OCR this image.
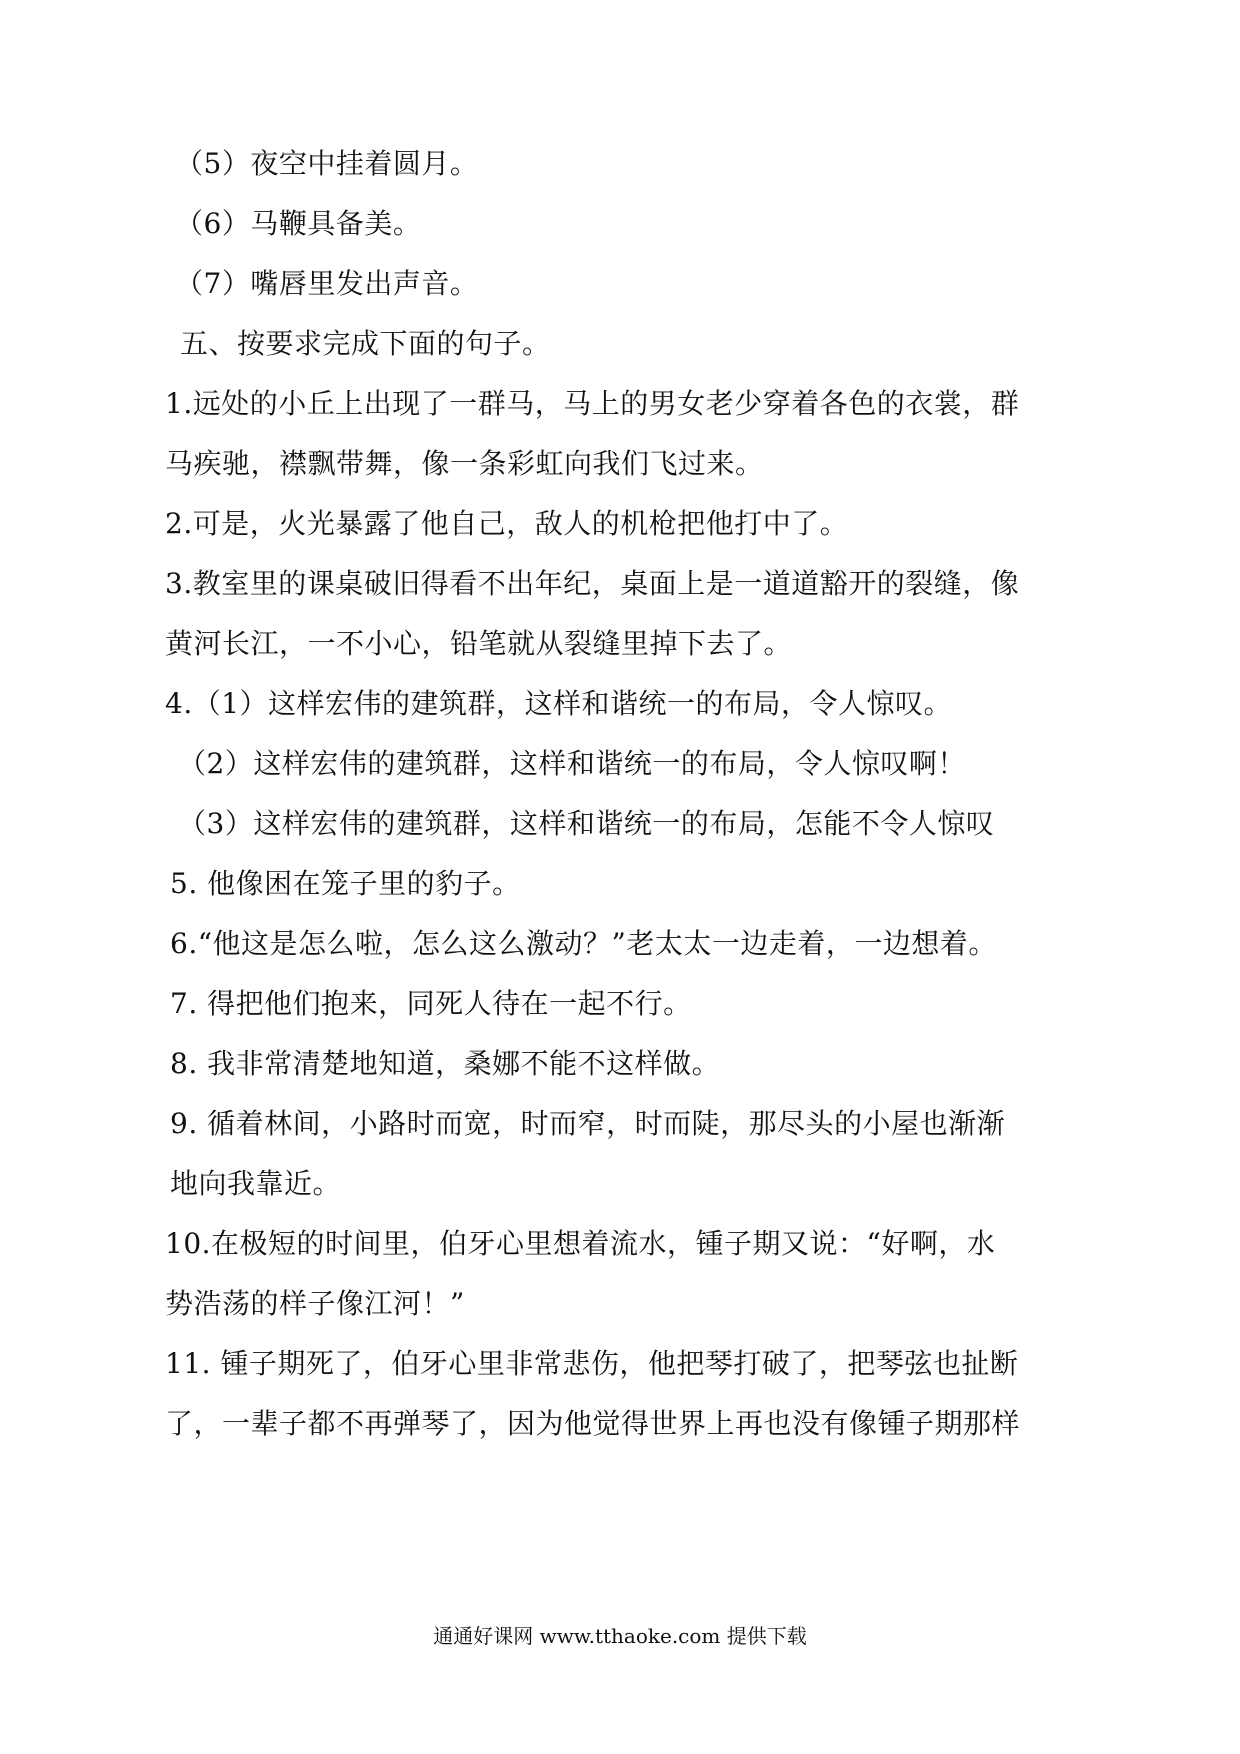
（5）夜空中挂着圆月。
（6）马鞭具备美。
（7）嘴唇里发出声音。
五、按要求完成下面的句子。
1.远处的小丘上出现了一群马，马上的男女老少穿着各色的衣裳，群
马疾驰，襟飘带舞，像一条彩虹向我们飞过来。
2.可是，火光暴露了他自己，敌人的机枪把他打中了。
3.教室里的课桌破旧得看不出年纪，桌面上是一道道豁开的裂缝，像
黄河长江，一不小心，铅笔就从裂缝里掉下去了。
4.（1）这样宏伟的建筑群，这样和谐统一的布局，令人惊叹。
（2）这样宏伟的建筑群，这样和谐统一的布局，令人惊叹啊！
（3）这样宏伟的建筑群，这样和谐统一的布局，怎能不令人惊叹
5. 他像困在笼子里的豹子。
6.“他这是怎么啦，怎么这么激动？”老太太一边走着，一边想着。
7. 得把他们抱来，同死人待在一起不行。
8. 我非常清楚地知道，桑娜不能不这样做。
9. 循着林间，小路时而宽，时而窄，时而陡，那尽头的小屋也渐渐
地向我靠近。
10.在极短的时间里，伯牙心里想着流水，锺子期又说：“好啊，水
势浩荡的样子像江河！”
11. 锺子期死了，伯牙心里非常悲伤，他把琴打破了，把琴弦也扯断
了，一辈子都不再弹琴了，因为他觉得世界上再也没有像锺子期那样
通通好课网 www.tthaoke.com 提供下载
